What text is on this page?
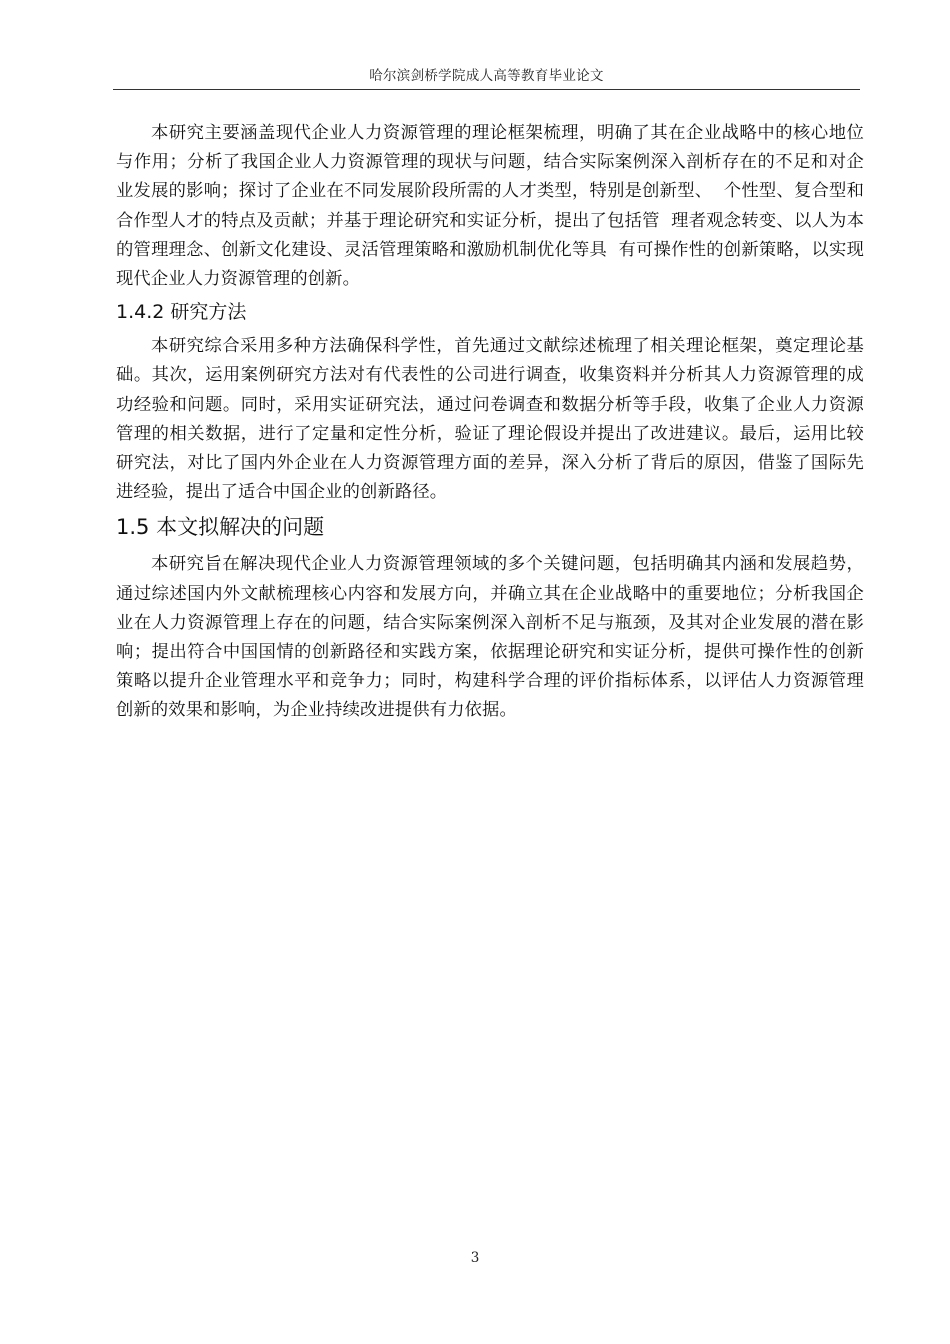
哈尔滨剑桥学院成人高等教育毕业论文

本研究主要涵盖现代企业人力资源管理的理论框架梳理，明确了其在企业战略中的核心地位与作用；分析了我国企业人力资源管理的现状与问题，结合实际案例深入剖析存在的不足和对企业发展的影响；探讨了企业在不同发展阶段所需的人才类型，特别是创新型、  个性型、复合型和合作型人才的特点及贡献；并基于理论研究和实证分析，提出了包括管  理者观念转变、以人为本的管理理念、创新文化建设、灵活管理策略和激励机制优化等具  有可操作性的创新策略，以实现现代企业人力资源管理的创新。

1.4.2 研究方法

本研究综合采用多种方法确保科学性，首先通过文献综述梳理了相关理论框架，奠定理论基础。其次，运用案例研究方法对有代表性的公司进行调查，收集资料并分析其人力资源管理的成功经验和问题。同时，采用实证研究法，通过问卷调查和数据分析等手段，收集了企业人力资源管理的相关数据，进行了定量和定性分析，验证了理论假设并提出了改进建议。最后，运用比较研究法，对比了国内外企业在人力资源管理方面的差异，深入分析了背后的原因，借鉴了国际先进经验，提出了适合中国企业的创新路径。

1.5 本文拟解决的问题

本研究旨在解决现代企业人力资源管理领域的多个关键问题，包括明确其内涵和发展趋势，通过综述国内外文献梳理核心内容和发展方向，并确立其在企业战略中的重要地位；分析我国企业在人力资源管理上存在的问题，结合实际案例深入剖析不足与瓶颈，及其对企业发展的潜在影响；提出符合中国国情的创新路径和实践方案，依据理论研究和实证分析，提供可操作性的创新策略以提升企业管理水平和竞争力；同时，构建科学合理的评价指标体系，以评估人力资源管理创新的效果和影响，为企业持续改进提供有力依据。

3
